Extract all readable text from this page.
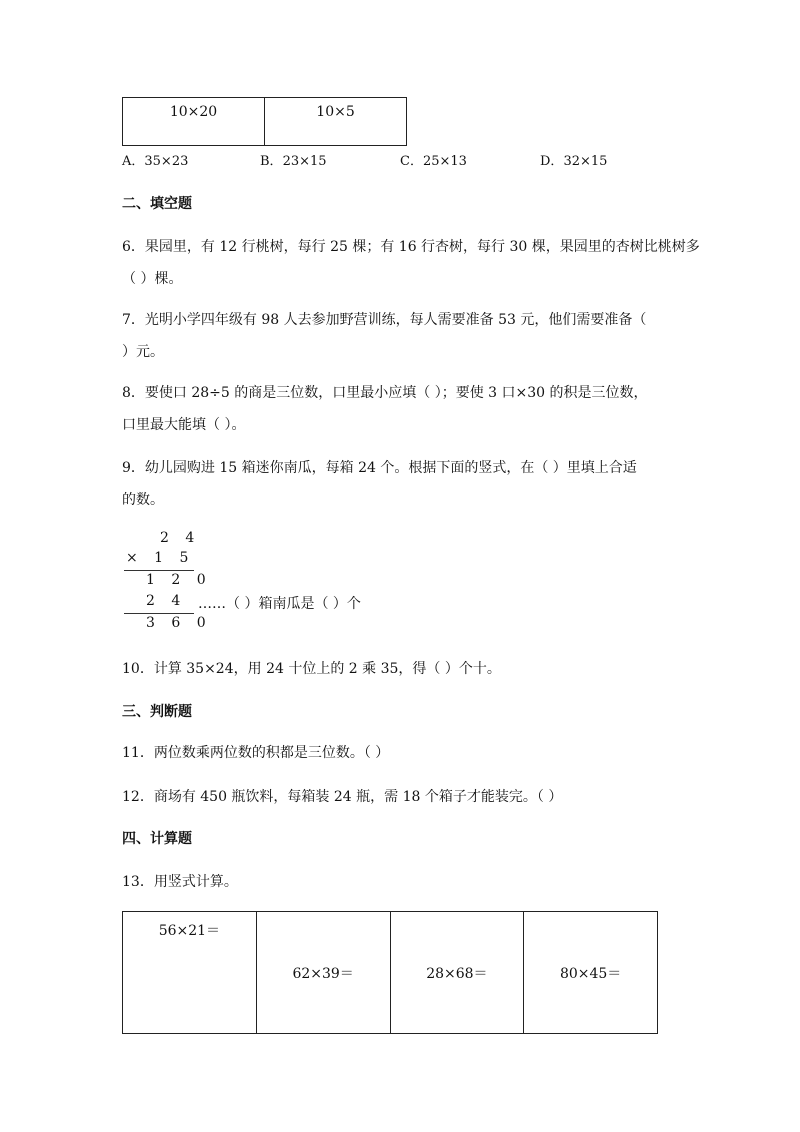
10×20	10×5
A．35×23	B．23×15	C．25×13	D．32×15
二、填空题
6．果园里，有 12 行桃树，每行 25 棵；有 16 行杏树，每行 30 棵，果园里的杏树比桃树多
（ ）棵。
7．光明小学四年级有 98 人去参加野营训练，每人需要准备 53 元，他们需要准备（
）元。
8．要使口 28÷5 的商是三位数，口里最小应填（ ）；要使 3 口×30 的积是三位数，
口里最大能填（ ）。
9．幼儿园购进 15 箱迷你南瓜，每箱 24 个。根据下面的竖式，在（ ）里填上合适
的数。
2 4
× 1 5
1 2 0
2 4
3 6 0
……（ ）箱南瓜是（ ）个
10．计算 35×24，用 24 十位上的 2 乘 35，得（ ）个十。
三、判断题
11．两位数乘两位数的积都是三位数。（ ）
12．商场有 450 瓶饮料，每箱装 24 瓶，需 18 个箱子才能装完。（ ）
四、计算题
13．用竖式计算。
56×21＝	62×39＝	28×68＝	80×45＝
